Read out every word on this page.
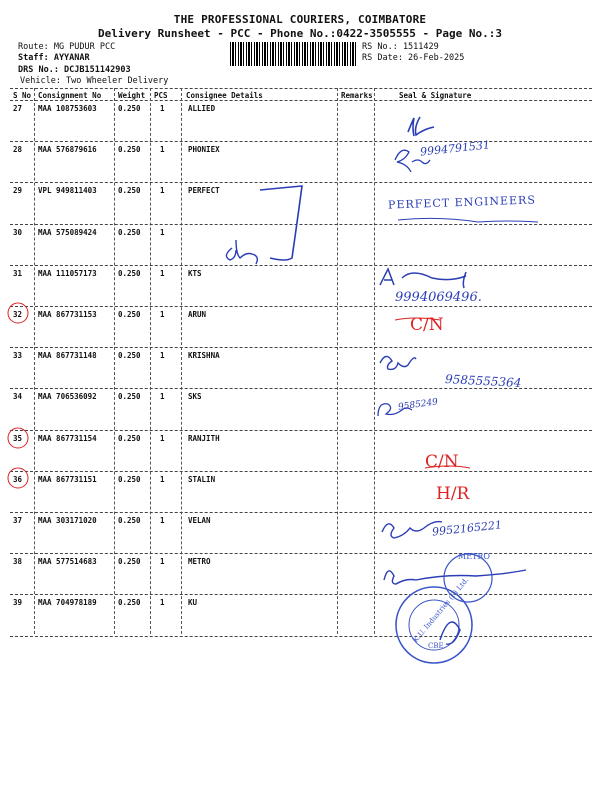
THE PROFESSIONAL COURIERS, COIMBATORE
Delivery Runsheet - PCC - Phone No.:0422-3505555 - Page No.:3
Route: MG PUDUR PCC
Staff: AYYANAR
DRS No.: DCJB151142903
Vehicle: Two Wheeler Delivery
RS No.: 1511429
RS Date: 26-Feb-2025
S No Consignment No Weight PCS Consignee Details	Remarks	Seal & Signature
27 MAA 108753603	0.250	1	ALLIED
28 MAA 576879616	0.250	1	PHONIEX
29 VPL 949811403	0.250	1	PERFECT
30 MAA 575089424	0.250	1
31 MAA 111057173	0.250	1	KTS
32 MAA 867731153	0.250	1	ARUN
33 MAA 867731148	0.250	1	KRISHNA
34 MAA 706536092	0.250	1	SKS
35 MAA 867731154	0.250	1	RANJITH
36 MAA 867731151	0.250	1	STALIN
37 MAA 303171020	0.250	1	VELAN
38 MAA 577514683	0.250	1	METRO
39 MAA 704978189	0.250	1	KU
9994791531
PERFECT ENGINEERS
9994069496.
C/N
9585555364
9585249
C/N
H/R
9952165221
METRO
K.U. Industries (P) Ltd.
CBE
